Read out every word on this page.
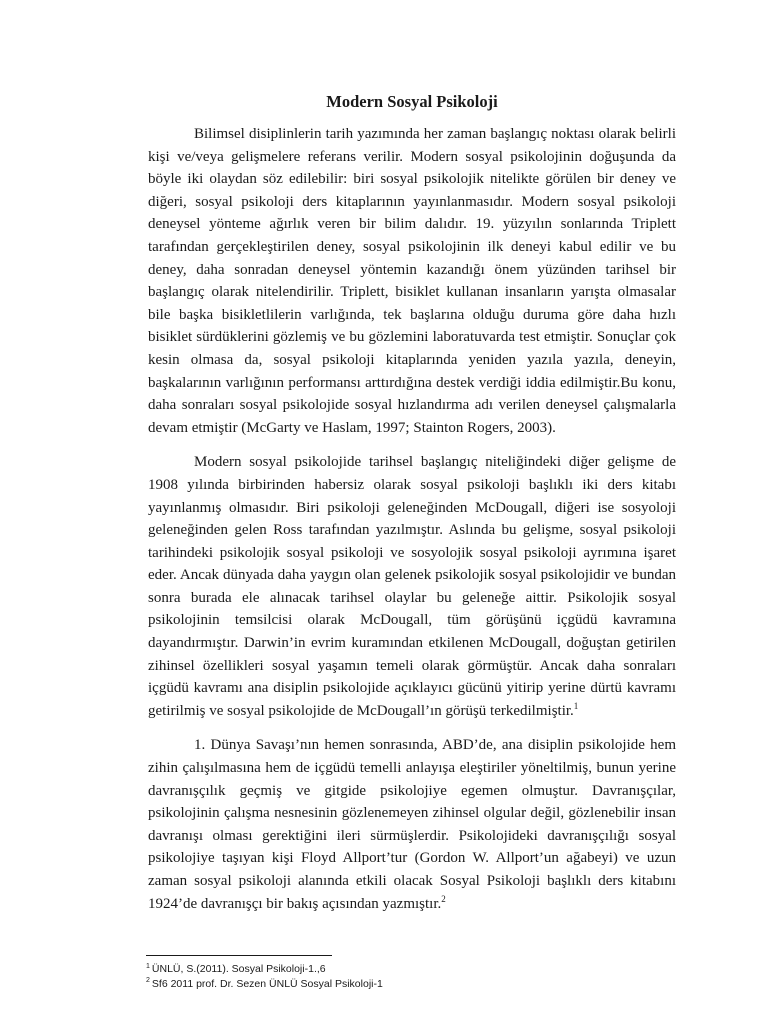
Modern Sosyal Psikoloji

Bilimsel disiplinlerin tarih yazımında her zaman başlangıç noktası olarak belirli kişi ve/veya gelişmelere referans verilir. Modern sosyal psikolojinin doğuşunda da böyle iki olaydan söz edilebilir: biri sosyal psikolojik nitelikte görülen bir deney ve diğeri, sosyal psikoloji ders kitaplarının yayınlanmasıdır. Modern sosyal psikoloji deneysel yönteme ağırlık veren bir bilim dalıdır. 19. yüzyılın sonlarında Triplett tarafından gerçekleştirilen deney, sosyal psikolojinin ilk deneyi kabul edilir ve bu deney, daha sonradan deneysel yöntemin kazandığı önem yüzünden tarihsel bir başlangıç olarak nitelendirilir. Triplett, bisiklet kullanan insanların yarışta olmasalar bile başka bisikletlilerin varlığında, tek başlarına olduğu duruma göre daha hızlı bisiklet sürdüklerini gözlemiş ve bu gözlemini laboratuvarda test etmiştir. Sonuçlar çok kesin olmasa da, sosyal psikoloji kitaplarında yeniden yazıla yazıla, deneyin, başkalarının varlığının performansı arttırdığına destek verdiği iddia edilmiştir.Bu konu, daha sonraları sosyal psikolojide sosyal hızlandırma adı verilen deneysel çalışmalarla devam etmiştir (McGarty ve Haslam, 1997; Stainton Rogers, 2003).

Modern sosyal psikolojide tarihsel başlangıç niteliğindeki diğer gelişme de 1908 yılında birbirinden habersiz olarak sosyal psikoloji başlıklı iki ders kitabı yayınlanmış olmasıdır. Biri psikoloji geleneğinden McDougall, diğeri ise sosyoloji geleneğinden gelen Ross tarafından yazılmıştır. Aslında bu gelişme, sosyal psikoloji tarihindeki psikolojik sosyal psikoloji ve sosyolojik sosyal psikoloji ayrımına işaret eder. Ancak dünyada daha yaygın olan gelenek psikolojik sosyal psikolojidir ve bundan sonra burada ele alınacak tarihsel olaylar bu geleneğe aittir. Psikolojik sosyal psikolojinin temsilcisi olarak McDougall, tüm görüşünü içgüdü kavramına dayandırmıştır. Darwin’in evrim kuramından etkilenen McDougall, doğuştan getirilen zihinsel özellikleri sosyal yaşamın temeli olarak görmüştür. Ancak daha sonraları içgüdü kavramı ana disiplin psikolojide açıklayıcı gücünü yitirip yerine dürtü kavramı getirilmiş ve sosyal psikolojide de McDougall’ın görüşü terkedilmiştir.$^1$

1. Dünya Savaşı’nın hemen sonrasında, ABD’de, ana disiplin psikolojide hem zihin çalışılmasına hem de içgüdü temelli anlayışa eleştiriler yöneltilmiş, bunun yerine davranışçılık geçmiş ve gitgide psikolojiye egemen olmuştur. Davranışçılar, psikolojinin çalışma nesnesinin gözlenemeyen zihinsel olgular değil, gözlenebilir insan davranışı olması gerektiğini ileri sürmüşlerdir. Psikolojideki davranışçılığı sosyal psikolojiye taşıyan kişi Floyd Allport’tur (Gordon W. Allport’un ağabeyi) ve uzun zaman sosyal psikoloji alanında etkili olacak Sosyal Psikoloji başlıklı ders kitabını 1924’de davranışçı bir bakış açısından yazmıştır.$^2$

$^1$ ÜNLÜ, S.(2011). Sosyal Psikoloji-1.,6
$^2$ Sf6 2011 prof. Dr. Sezen ÜNLÜ Sosyal Psikoloji-1
